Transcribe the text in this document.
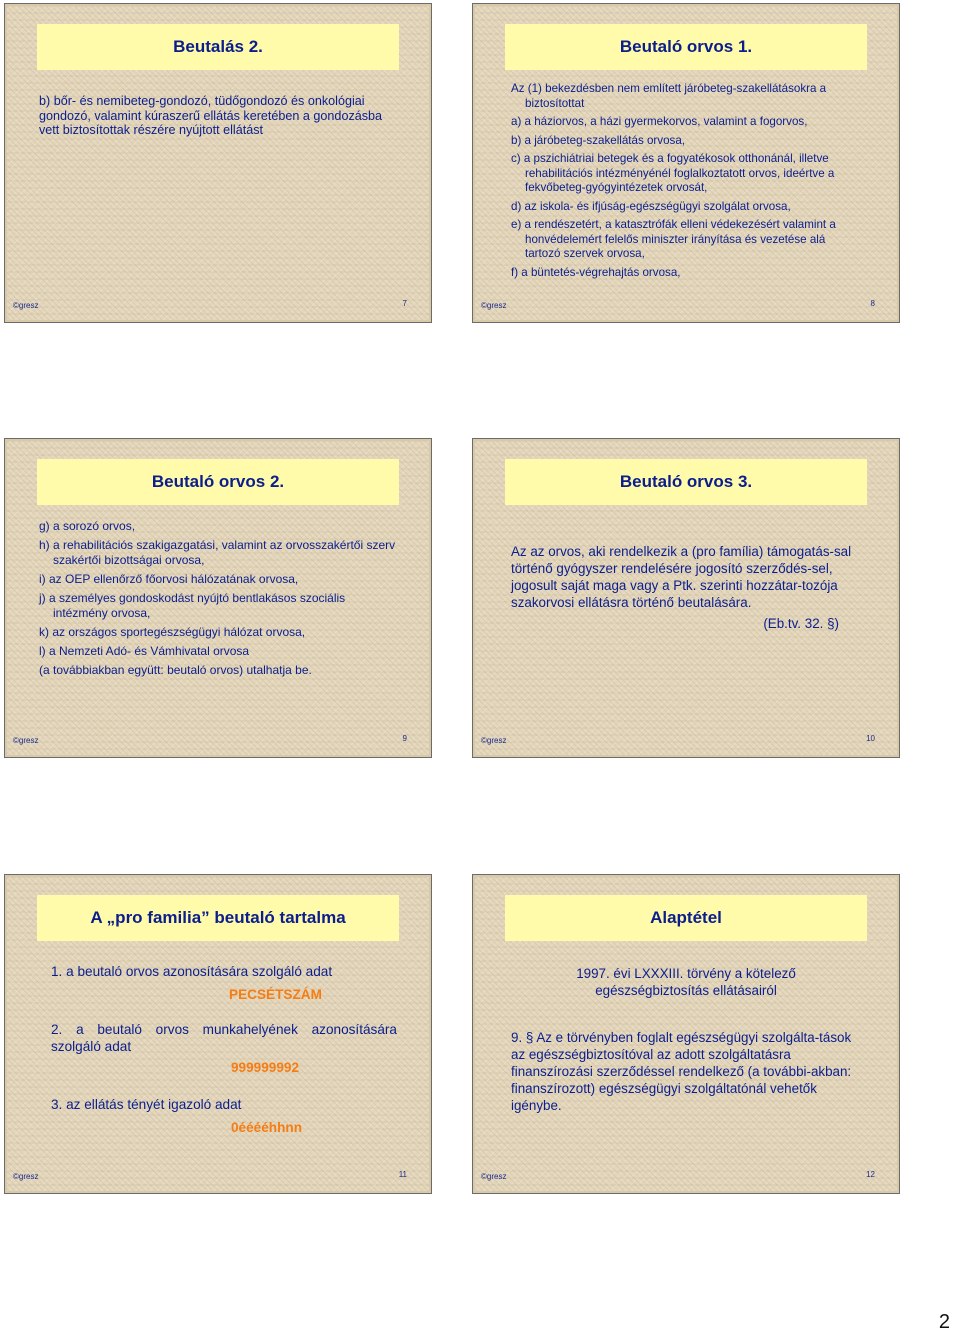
Beutalás 2.

b) bőr- és nemibeteg-gondozó, tüdőgondozó és onkológiai gondozó, valamint kúraszerű ellátás keretében a gondozásba vett biztosítottak részére nyújtott ellátást

©gresz	7
Beutaló orvos 1.

Az (1) bekezdésben nem említett járóbeteg-szakellátásokra a biztosítottat

a) a háziorvos, a házi gyermekorvos, valamint a fogorvos,

b) a járóbeteg-szakellátás orvosa,

c) a pszichiátriai betegek és a fogyatékosok otthonánál, illetve rehabilitációs intézményénél foglalkoztatott orvos, ideértve a fekvőbeteg-gyógyintézetek orvosát,

d) az iskola- és ifjúság-egészségügyi szolgálat orvosa,

e) a rendészetért, a katasztrófák elleni védekezésért valamint a honvédelemért felelős miniszter irányítása és vezetése alá tartozó szervek orvosa,

f) a büntetés-végrehajtás orvosa,

©gresz	8
Beutaló orvos 2.

g) a sorozó orvos,

h) a rehabilitációs szakigazgatási, valamint az orvosszakértői szerv szakértői bizottságai orvosa,

i) az OEP ellenőrző főorvosi hálózatának orvosa,

j) a személyes gondoskodást nyújtó bentlakásos szociális intézmény orvosa,

k) az országos sportegészségügyi hálózat orvosa,

l) a Nemzeti Adó- és Vámhivatal orvosa

(a továbbiakban együtt: beutaló orvos) utalhatja be.

©gresz	9
Beutaló orvos 3.

Az az orvos, aki rendelkezik a (pro família) támogatás-sal történő gyógyszer rendelésére jogosító szerződés-sel, jogosult saját maga vagy a Ptk. szerinti hozzátar-tozója szakorvosi ellátásra történő beutalására.

(Eb.tv. 32. §)

©gresz	10
A „pro familia” beutaló tartalma

1. a beutaló orvos azonosítására szolgáló adat

PECSÉTSZÁM

2. a beutaló orvos munkahelyének azonosítására szolgáló adat

999999992

3. az ellátás tényét igazoló adat

0ééééhhnn

©gresz	11
Alaptétel

1997. évi LXXXIII. törvény a kötelező egészségbiztosítás ellátásairól

9. § Az e törvényben foglalt egészségügyi szolgálta-tások az egészségbiztosítóval az adott szolgáltatásra finanszírozási szerződéssel rendelkező (a további-akban: finanszírozott) egészségügyi szolgáltatónál vehetők igénybe.

©gresz	12
2
